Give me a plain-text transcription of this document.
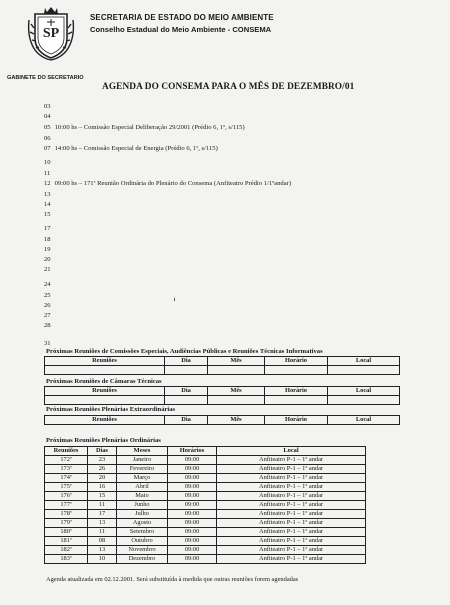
SP
SECRETARIA DE ESTADO DO MEIO AMBIENTE
Conselho Estadual do Meio Ambiente - CONSEMA
GABINETE DO SECRETARIO
AGENDA DO CONSEMA PARA O MÊS DE DEZEMBRO/01
03
04
05 10:00 hs – Comissão Especial Deliberação 29/2001 (Prédio 6, 1º, s/115)
06
07 14:00 hs – Comissão Especial de Energia (Prédio 6, 1º, s/115)
10
11
12 09:00 hs – 171ª Reunião Ordinária do Plenário do Consema (Anfiteatro Prédio 1/1ºandar)
13
14
15
17
18
19
20
21
24
25
26
27
28
31
Próximas Reuniões de Comissões Especiais, Audiências Públicas e Reuniões Técnicas Informativas
Reuniões	Dia	Mês	Horário	Local

Próximas Reuniões de Câmaras Técnicas
Reuniões	Dia	Mês	Horário	Local

Próximas Reuniões Plenárias Extraordinárias
Reuniões	Dia	Mês	Horário	Local
Próximas Reuniões Plenárias Ordinárias
Reuniões	Dias	Meses	Horários	Local
172ª	23	Janeiro	09:00	Anfiteatro P-1 – 1º andar
173ª	26	Fevereiro	09:00	Anfiteatro P-1 – 1º andar
174ª	20	Março	09:00	Anfiteatro P-1 – 1º andar
175ª	16	Abril	09:00	Anfiteatro P-1 – 1º andar
176ª	15	Maio	09:00	Anfiteatro P-1 – 1º andar
177ª	11	Junho	09:00	Anfiteatro P-1 – 1º andar
178ª	17	Julho	09:00	Anfiteatro P-1 – 1º andar
179ª	13	Agosto	09:00	Anfiteatro P-1 – 1º andar
180ª	11	Setembro	09:00	Anfiteatro P-1 – 1º andar
181ª	08	Outubro	09:00	Anfiteatro P-1 – 1º andar
182ª	13	Novembro	09:00	Anfiteatro P-1 – 1º andar
183ª	10	Dezembro	09:00	Anfiteatro P-1 – 1º andar
Agenda atualizada em 02.12.2001. Será substituída à medida que outras reuniões forem agendadas
